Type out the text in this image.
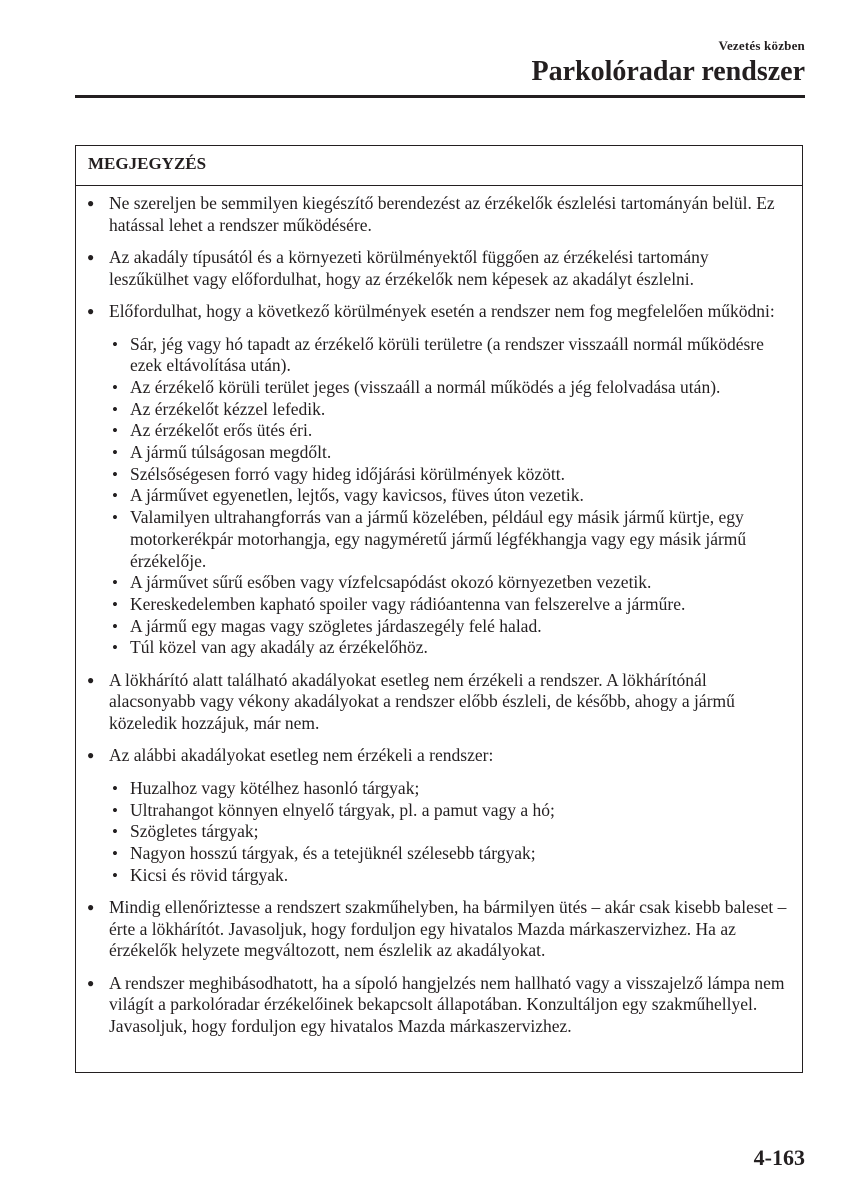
Vezetés közben
Parkolóradar rendszer
MEGJEGYZÉS
● Ne szereljen be semmilyen kiegészítő berendezést az érzékelők észlelési tartományán belül. Ez hatással lehet a rendszer működésére.
● Az akadály típusától és a környezeti körülményektől függően az érzékelési tartomány leszűkülhet vagy előfordulhat, hogy az érzékelők nem képesek az akadályt észlelni.
● Előfordulhat, hogy a következő körülmények esetén a rendszer nem fog megfelelően működni:
• Sár, jég vagy hó tapadt az érzékelő körüli területre (a rendszer visszaáll normál működésre ezek eltávolítása után).
• Az érzékelő körüli terület jeges (visszaáll a normál működés a jég felolvadása után).
• Az érzékelőt kézzel lefedik.
• Az érzékelőt erős ütés éri.
• A jármű túlságosan megdőlt.
• Szélsőségesen forró vagy hideg időjárási körülmények között.
• A járművet egyenetlen, lejtős, vagy kavicsos, füves úton vezetik.
• Valamilyen ultrahangforrás van a jármű közelében, például egy másik jármű kürtje, egy motorkerékpár motorhangja, egy nagyméretű jármű légfékhangja vagy egy másik jármű érzékelője.
• A járművet sűrű esőben vagy vízfelcsapódást okozó környezetben vezetik.
• Kereskedelemben kapható spoiler vagy rádióantenna van felszerelve a járműre.
• A jármű egy magas vagy szögletes járdaszegély felé halad.
• Túl közel van agy akadály az érzékelőhöz.
● A lökhárító alatt található akadályokat esetleg nem érzékeli a rendszer. A lökhárítónál alacsonyabb vagy vékony akadályokat a rendszer előbb észleli, de később, ahogy a jármű közeledik hozzájuk, már nem.
● Az alábbi akadályokat esetleg nem érzékeli a rendszer:
• Huzalhoz vagy kötélhez hasonló tárgyak;
• Ultrahangot könnyen elnyelő tárgyak, pl. a pamut vagy a hó;
• Szögletes tárgyak;
• Nagyon hosszú tárgyak, és a tetejüknél szélesebb tárgyak;
• Kicsi és rövid tárgyak.
● Mindig ellenőriztesse a rendszert szakműhelyben, ha bármilyen ütés – akár csak kisebb baleset – érte a lökhárítót. Javasoljuk, hogy forduljon egy hivatalos Mazda márkaszervizhez. Ha az érzékelők helyzete megváltozott, nem észlelik az akadályokat.
● A rendszer meghibásodhatott, ha a sípoló hangjelzés nem hallható vagy a visszajelző lámpa nem világít a parkolóradar érzékelőinek bekapcsolt állapotában. Konzultáljon egy szakműhellyel. Javasoljuk, hogy forduljon egy hivatalos Mazda márkaszervizhez.
4-163
